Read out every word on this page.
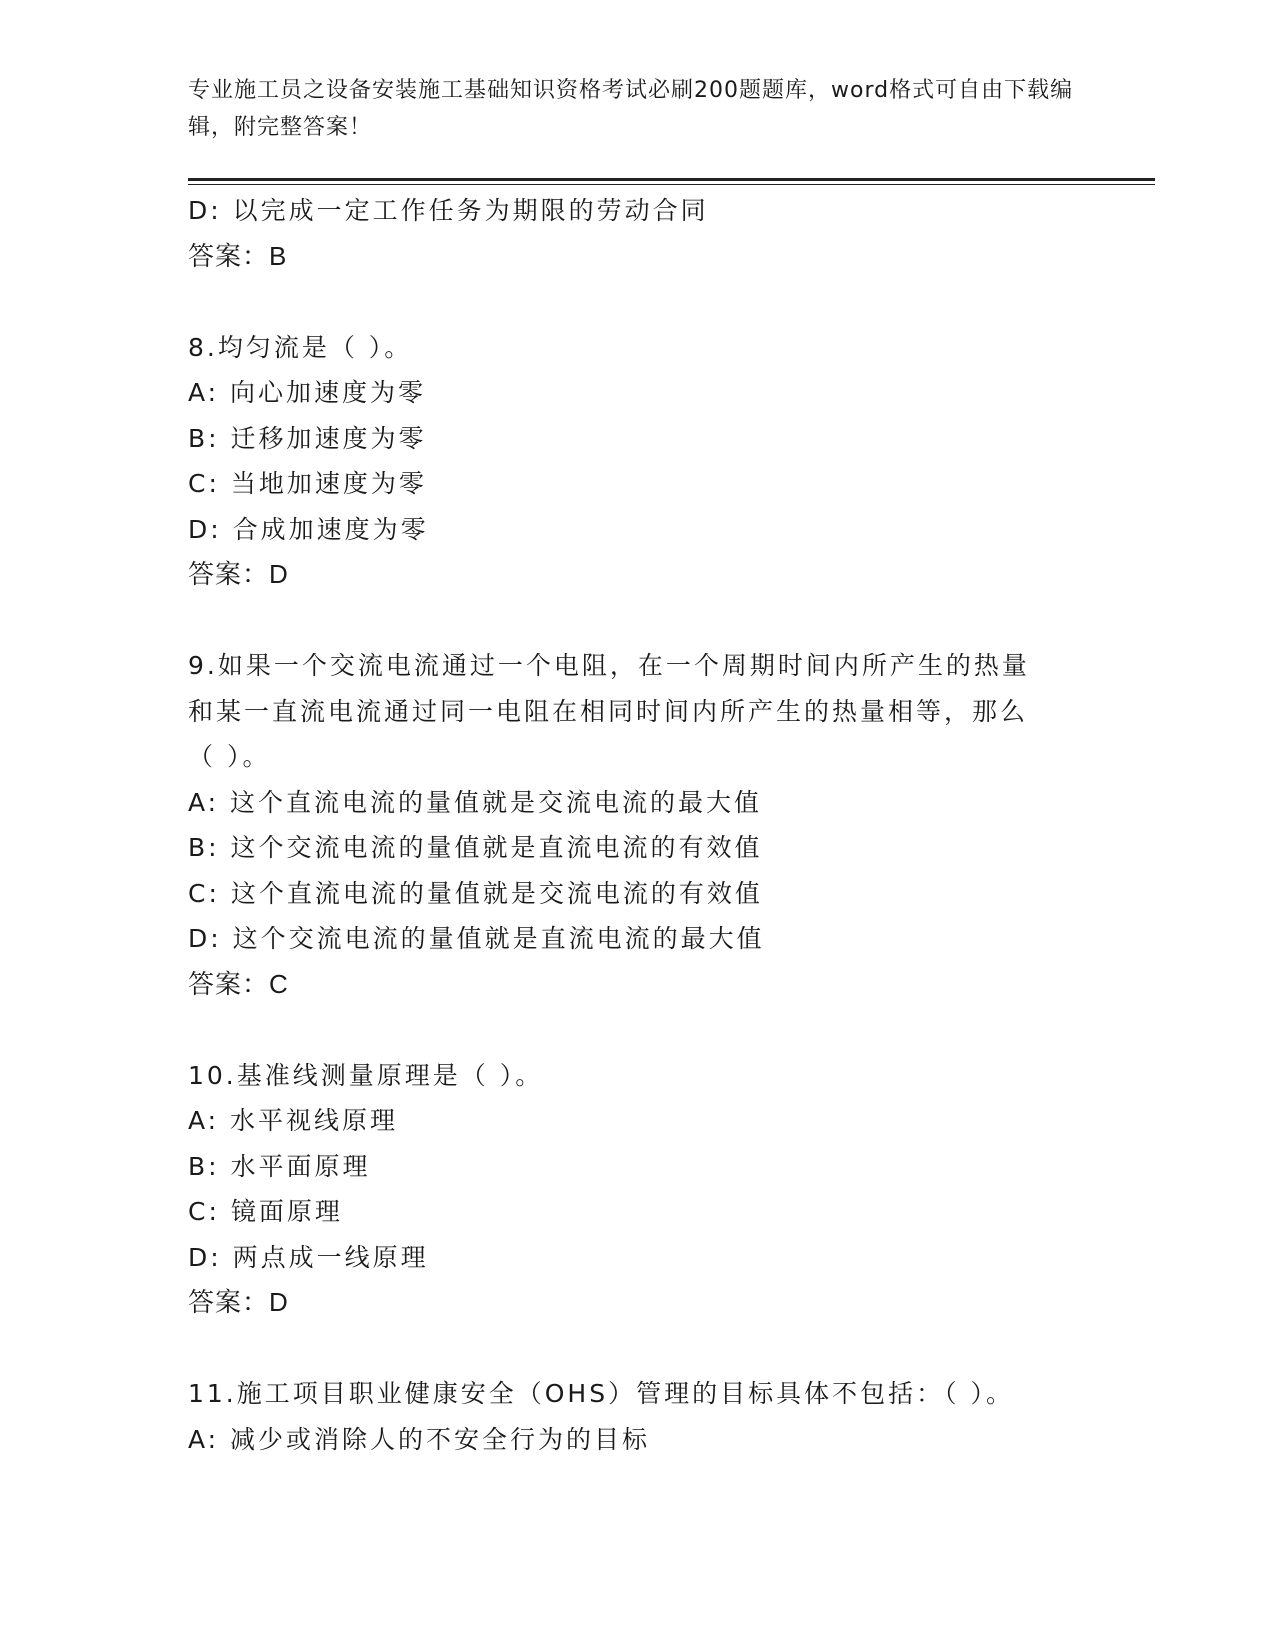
专业施工员之设备安装施工基础知识资格考试必刷200题题库，word格式可自由下载编辑，附完整答案！
D: 以完成一定工作任务为期限的劳动合同
答案：B
8.均匀流是（ ）。
A: 向心加速度为零
B: 迁移加速度为零
C: 当地加速度为零
D: 合成加速度为零
答案：D
9.如果一个交流电流通过一个电阻，在一个周期时间内所产生的热量
和某一直流电流通过同一电阻在相同时间内所产生的热量相等，那么
（ ）。
A: 这个直流电流的量值就是交流电流的最大值
B: 这个交流电流的量值就是直流电流的有效值
C: 这个直流电流的量值就是交流电流的有效值
D: 这个交流电流的量值就是直流电流的最大值
答案：C
10.基准线测量原理是（ ）。
A: 水平视线原理
B: 水平面原理
C: 镜面原理
D: 两点成一线原理
答案：D
11.施工项目职业健康安全（OHS）管理的目标具体不包括：（ ）。
A: 减少或消除人的不安全行为的目标
